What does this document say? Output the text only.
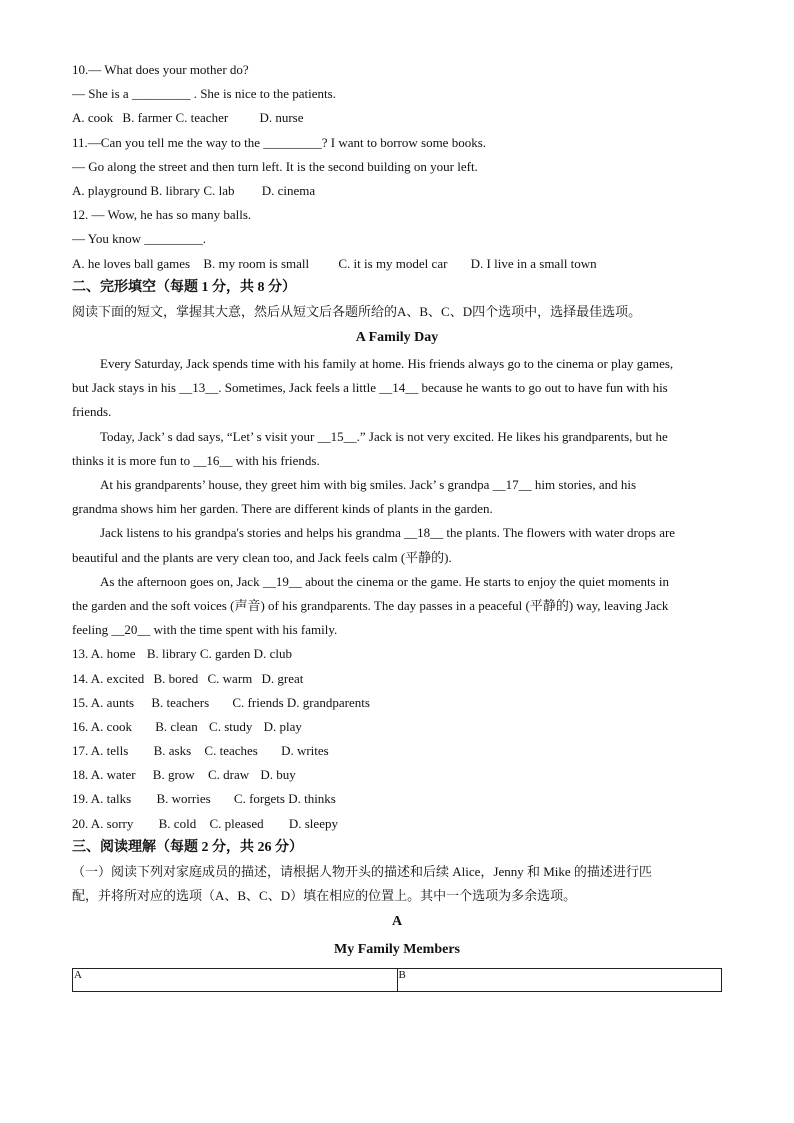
10.— What does your mother do?
— She is a _________ . She is nice to the patients.
A. cook B. farmer C. teacher D. nurse
11.—Can you tell me the way to the _________? I want to borrow some books.
— Go along the street and then turn left. It is the second building on your left.
A. playground B. library C. lab D. cinema
12. — Wow, he has so many balls.
— You know _________.
A. he loves ball games B. my room is small C. it is my model car D. I live in a small town
二、完形填空（每题 1 分，共 8 分）
阅读下面的短文，掌握其大意，然后从短文后各题所给的A、B、C、D四个选项中，选择最佳选项。
A Family Day
Every Saturday, Jack spends time with his family at home. His friends always go to the cinema or play games,
but Jack stays in his __13__. Sometimes, Jack feels a little __14__ because he wants to go out to have fun with his
friends.
Today, Jack’ s dad says, “Let’ s visit your __15__.” Jack is not very excited. He likes his grandparents, but he
thinks it is more fun to __16__ with his friends.
At his grandparents’ house, they greet him with big smiles. Jack’ s grandpa __17__ him stories, and his
grandma shows him her garden. There are different kinds of plants in the garden.
Jack listens to his grandpa's stories and helps his grandma __18__ the plants. The flowers with water drops are
beautiful and the plants are very clean too, and Jack feels calm (平静的).
As the afternoon goes on, Jack __19__ about the cinema or the game. He starts to enjoy the quiet moments in
the garden and the soft voices (声音) of his grandparents. The day passes in a peaceful (平静的) way, leaving Jack
feeling __20__ with the time spent with his family.
13. A. home B. library C. garden D. club
14. A. excited B. bored C. warm D. great
15. A. aunts B. teachers C. friends D. grandparents
16. A. cook B. clean C. study D. play
17. A. tells B. asks C. teaches D. writes
18. A. water B. grow C. draw D. buy
19. A. talks B. worries C. forgets D. thinks
20. A. sorry B. cold C. pleased D. sleepy
三、阅读理解（每题 2 分，共 26 分）
（一）阅读下列对家庭成员的描述，请根据人物开头的描述和后续 Alice，Jenny 和 Mike 的描述进行匹
配，并将所对应的选项（A、B、C、D）填在相应的位置上。其中一个选项为多余选项。
A
My Family Members
A	B
